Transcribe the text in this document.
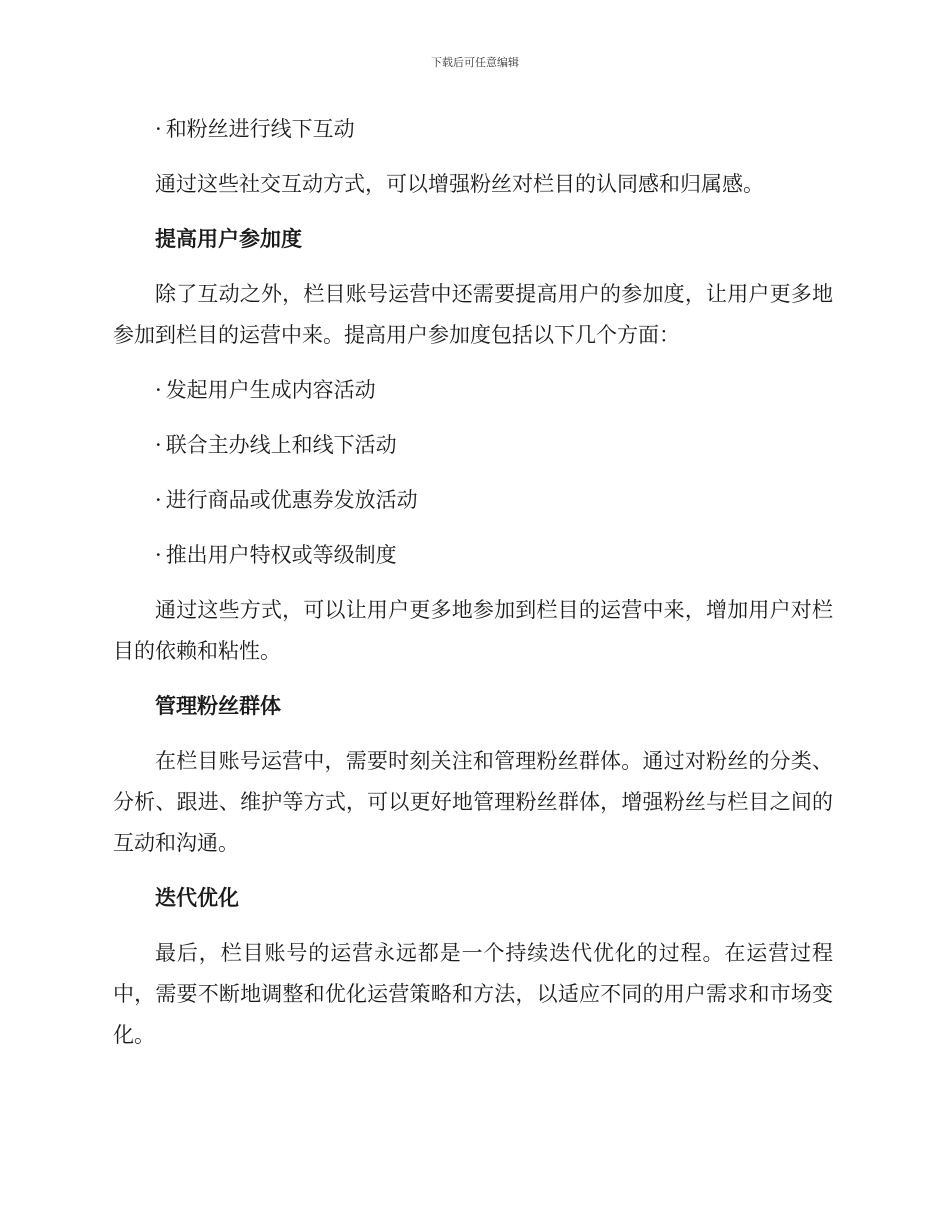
下载后可任意编辑
· 和粉丝进行线下互动

通过这些社交互动方式，可以增强粉丝对栏目的认同感和归属感。

提高用户参加度

除了互动之外，栏目账号运营中还需要提高用户的参加度，让用户更多地参加到栏目的运营中来。提高用户参加度包括以下几个方面：

· 发起用户生成内容活动
· 联合主办线上和线下活动
· 进行商品或优惠券发放活动
· 推出用户特权或等级制度

通过这些方式，可以让用户更多地参加到栏目的运营中来，增加用户对栏目的依赖和粘性。

管理粉丝群体

在栏目账号运营中，需要时刻关注和管理粉丝群体。通过对粉丝的分类、分析、跟进、维护等方式，可以更好地管理粉丝群体，增强粉丝与栏目之间的互动和沟通。

迭代优化

最后，栏目账号的运营永远都是一个持续迭代优化的过程。在运营过程中，需要不断地调整和优化运营策略和方法，以适应不同的用户需求和市场变化。
